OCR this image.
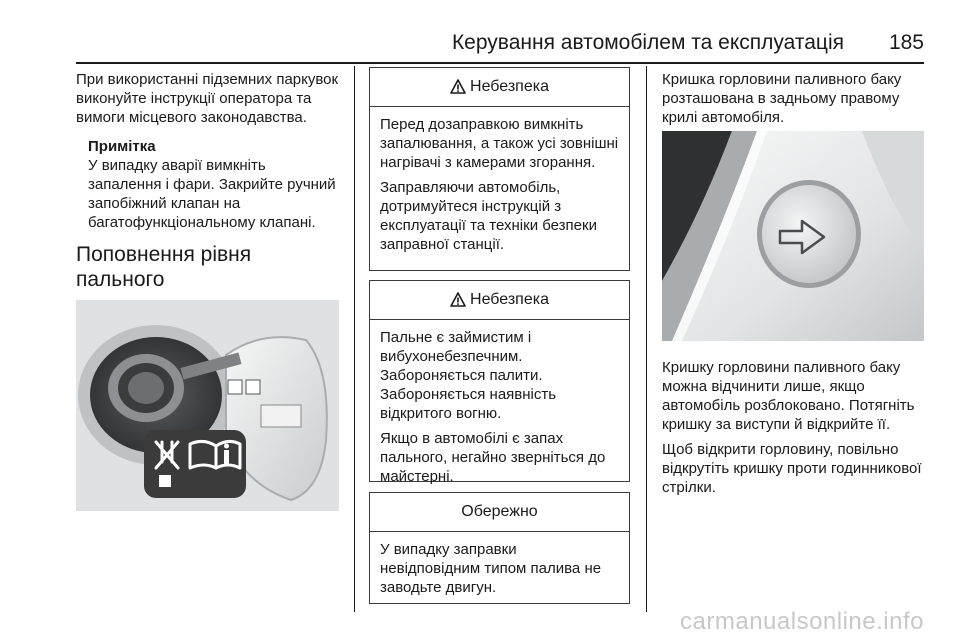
Керування автомобілем та експлуатація 185

При використанні підземних паркувок виконуйте інструкції оператора та вимоги місцевого законодавства.

Примітка

У випадку аварії вимкніть запалення і фари. Закрийте ручний запобіжний клапан на багатофункціональному клапані.

Поповнення рівня пального

Небезпека

Перед дозаправкою вимкніть запалювання, а також усі зовнішні нагрівачі з камерами згорання.

Заправляючи автомобіль, дотримуйтеся інструкцій з експлуатації та техніки безпеки заправної станції.

Небезпека

Пальне є займистим і вибухонебезпечним. Забороняється палити. Забороняється наявність відкритого вогню.

Якщо в автомобілі є запах пального, негайно зверніться до майстерні.

Обережно

У випадку заправки невідповідним типом палива не заводьте двигун.

Кришка горловини паливного баку розташована в задньому правому крилі автомобіля.

Кришку горловини паливного баку можна відчинити лише, якщо автомобіль розблоковано. Потягніть кришку за виступи й відкрийте її.

Щоб відкрити горловину, повільно відкрутіть кришку проти годинникової стрілки.

carmanualsonline.info
